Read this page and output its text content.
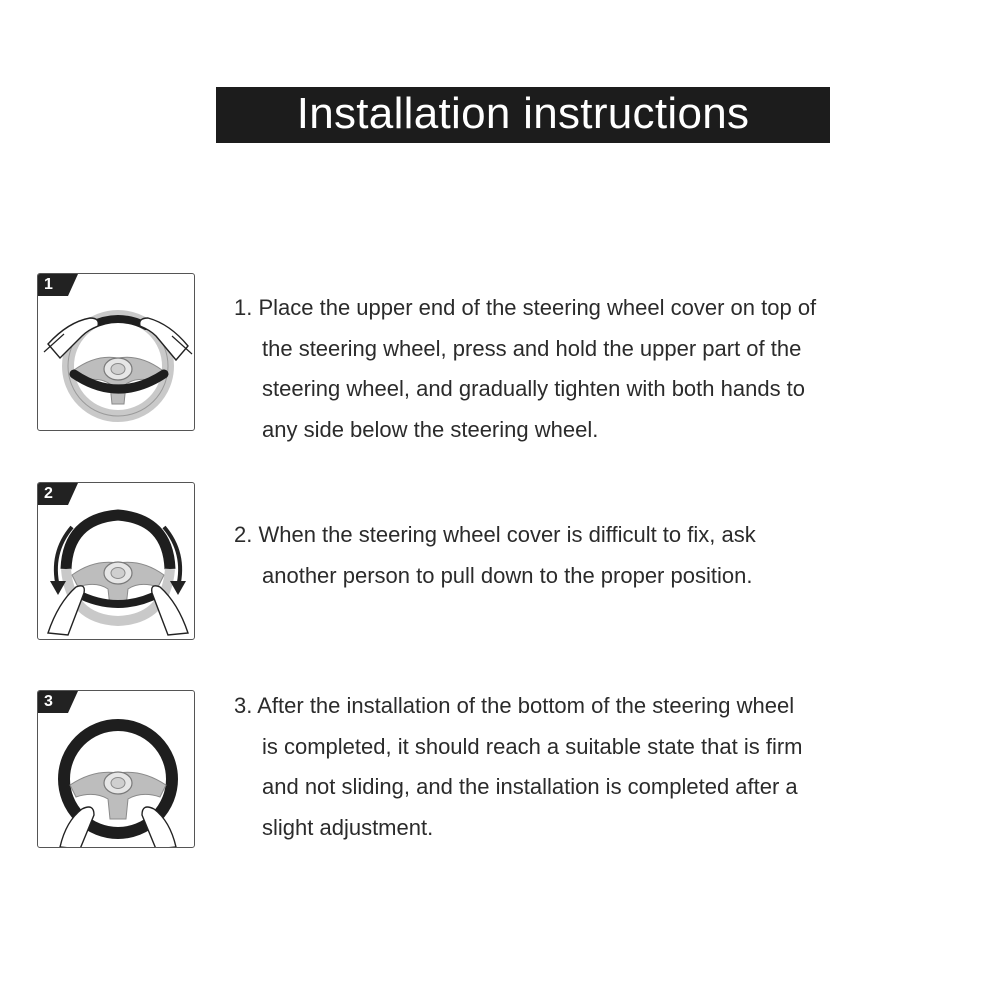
Installation instructions
1
1. Place the upper end of the steering wheel cover on top of
the steering wheel, press and hold the upper part of the
steering wheel, and gradually tighten with both hands to
any side below the steering wheel.
2
2. When the steering wheel cover is difficult to fix, ask
another person to pull down to the proper position.
3	3. After the installation of the bottom of the steering wheel
is completed, it should reach a suitable state that is firm
and not sliding, and the installation is completed after a
slight adjustment.
